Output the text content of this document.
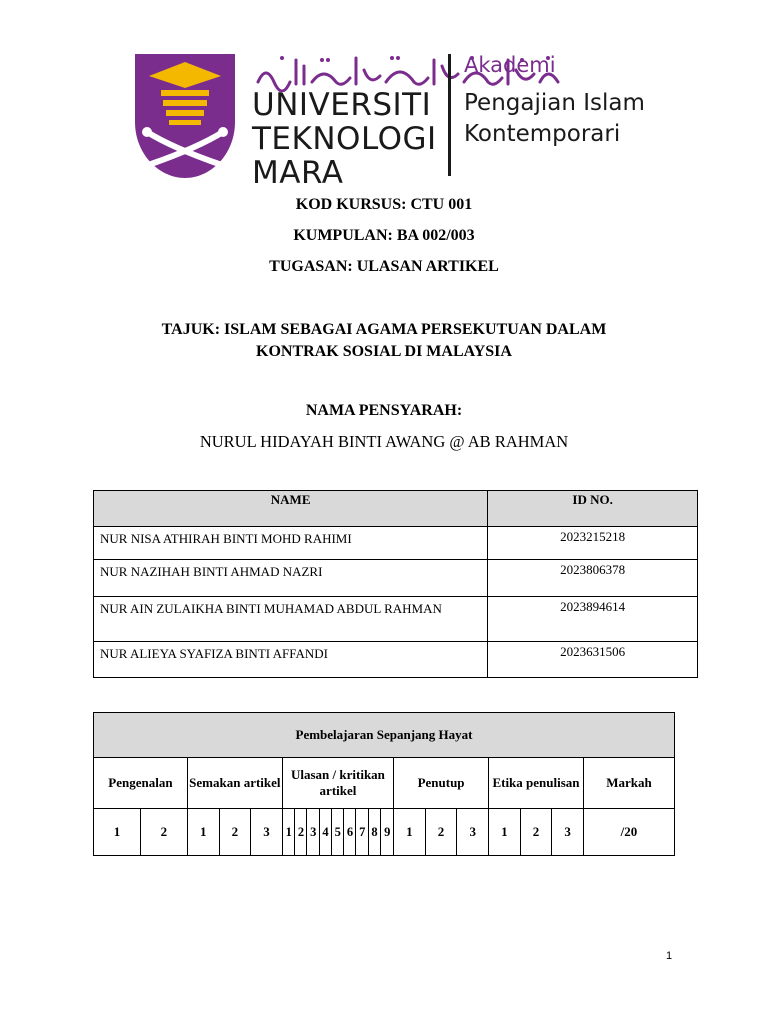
UNIVERSITI
TEKNOLOGI
MARA
Akademi
Pengajian Islam
Kontemporari
KOD KURSUS: CTU 001
KUMPULAN: BA 002/003
TUGASAN: ULASAN ARTIKEL
TAJUK: ISLAM SEBAGAI AGAMA PERSEKUTUAN DALAM
KONTRAK SOSIAL DI MALAYSIA
NAMA PENSYARAH:
NURUL HIDAYAH BINTI AWANG @ AB RAHMAN
NAME	ID NO.
NUR NISA ATHIRAH BINTI MOHD RAHIMI	2023215218
NUR NAZIHAH BINTI AHMAD NAZRI	2023806378
NUR AIN ZULAIKHA BINTI MUHAMAD ABDUL RAHMAN	2023894614
NUR ALIEYA SYAFIZA BINTI AFFANDI	2023631506
Pembelajaran Sepanjang Hayat																				
Pengenalan		Semakan artikel			Ulasan / kritikan artikel									Penutup			Etika penulisan			Markah
1	2	1	2	3	1	2	3	4	5	6	7	8	9	1	2	3	1	2	3	/20
1
